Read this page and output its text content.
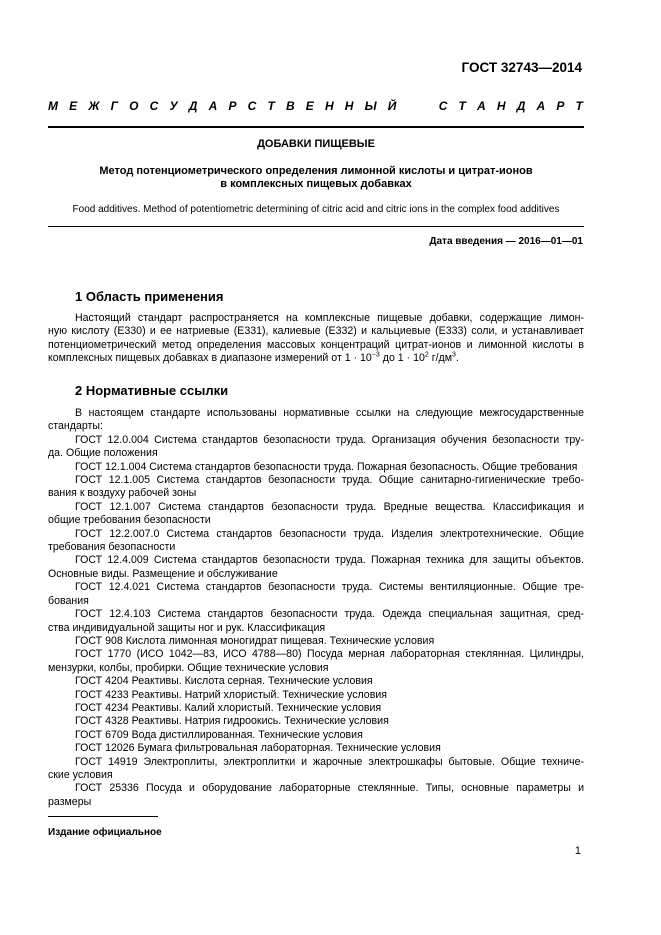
ГОСТ 32743—2014
М Е Ж Г О С У Д А Р С Т В Е Н Н Ы Й	С Т А Н Д А Р Т
ДОБАВКИ ПИЩЕВЫЕ
Метод потенциометрического определения лимонной кислоты и цитрат-ионов
в комплексных пищевых добавках
Food additives. Method of potentiometric determining of citric acid and citric ions in the complex food additives
Дата введения — 2016—01—01
1 Область применения

Настоящий стандарт распространяется на комплексные пищевые добавки, содержащие лимон-

ную кислоту (Е330) и ее натриевые (Е331), калиевые (Е332) и кальциевые (Е333) соли, и устанавливает

потенциометрический метод определения массовых концентраций цитрат-ионов и лимонной кислоты в

комплексных пищевых добавках в диапазоне измерений от $1 \cdot 10^{-3}$ до $1 \cdot 10^2$ $г/дм^3$.

2 Нормативные ссылки

В настоящем стандарте использованы нормативные ссылки на следующие межгосударственные

стандарты:

ГОСТ 12.0.004 Система стандартов безопасности труда. Организация обучения безопасности тру-

да. Общие положения

ГОСТ 12.1.004 Система стандартов безопасности труда. Пожарная безопасность. Общие требования

ГОСТ 12.1.005 Система стандартов безопасности труда. Общие санитарно-гигиенические требо-

вания к воздуху рабочей зоны

ГОСТ 12.1.007 Система стандартов безопасности труда. Вредные вещества. Классификация и

общие требования безопасности

ГОСТ 12.2.007.0 Система стандартов безопасности труда. Изделия электротехнические. Общие

требования безопасности

ГОСТ 12.4.009 Система стандартов безопасности труда. Пожарная техника для защиты объектов.

Основные виды. Размещение и обслуживание

ГОСТ 12.4.021 Система стандартов безопасности труда. Системы вентиляционные. Общие тре-

бования

ГОСТ 12.4.103 Система стандартов безопасности труда. Одежда специальная защитная, сред-

ства индивидуальной защиты ног и рук. Классификация

ГОСТ 908 Кислота лимонная моногидрат пищевая. Технические условия

ГОСТ 1770 (ИСО 1042—83, ИСО 4788—80) Посуда мерная лабораторная стеклянная. Цилиндры,

мензурки, колбы, пробирки. Общие технические условия

ГОСТ 4204 Реактивы. Кислота серная. Технические условия

ГОСТ 4233 Реактивы. Натрий хлористый. Технические условия

ГОСТ 4234 Реактивы. Калий хлористый. Технические условия

ГОСТ 4328 Реактивы. Натрия гидроокись. Технические условия

ГОСТ 6709 Вода дистиллированная. Технические условия

ГОСТ 12026 Бумага фильтровальная лабораторная. Технические условия

ГОСТ 14919 Электроплиты, электроплитки и жарочные электрошкафы бытовые. Общие техниче-

ские условия

ГОСТ 25336 Посуда и оборудование лабораторные стеклянные. Типы, основные параметры и

размеры

Издание официальное
1
